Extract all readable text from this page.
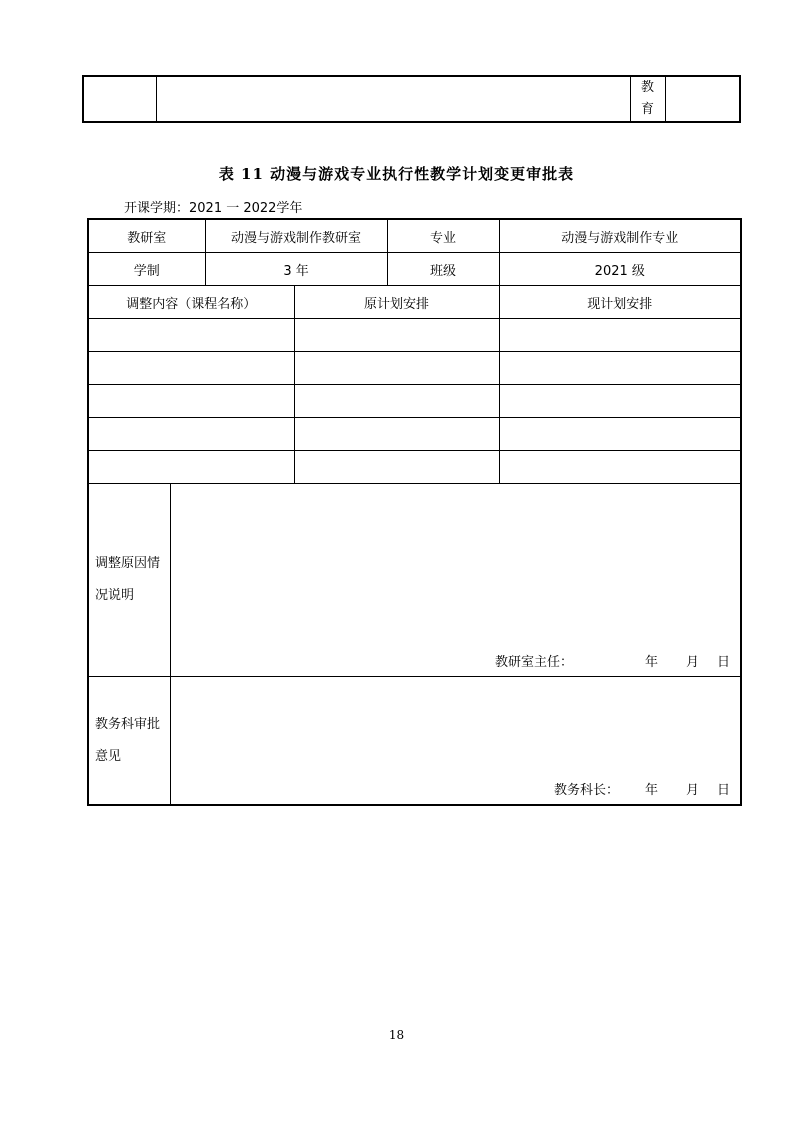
教
育

表 11 动漫与游戏专业执行性教学计划变更审批表
开课学期：2021 一 2022学年
教研室		动漫与游戏制作教研室		专业	动漫与游戏制作专业
学制		3 年		班级	2021 级
调整内容（课程名称）			原计划安排		现计划安排

调整原因情
况说明	教研室主任： 年 月 日				

教务科审批
意见	教务科长： 年 月 日				
18
